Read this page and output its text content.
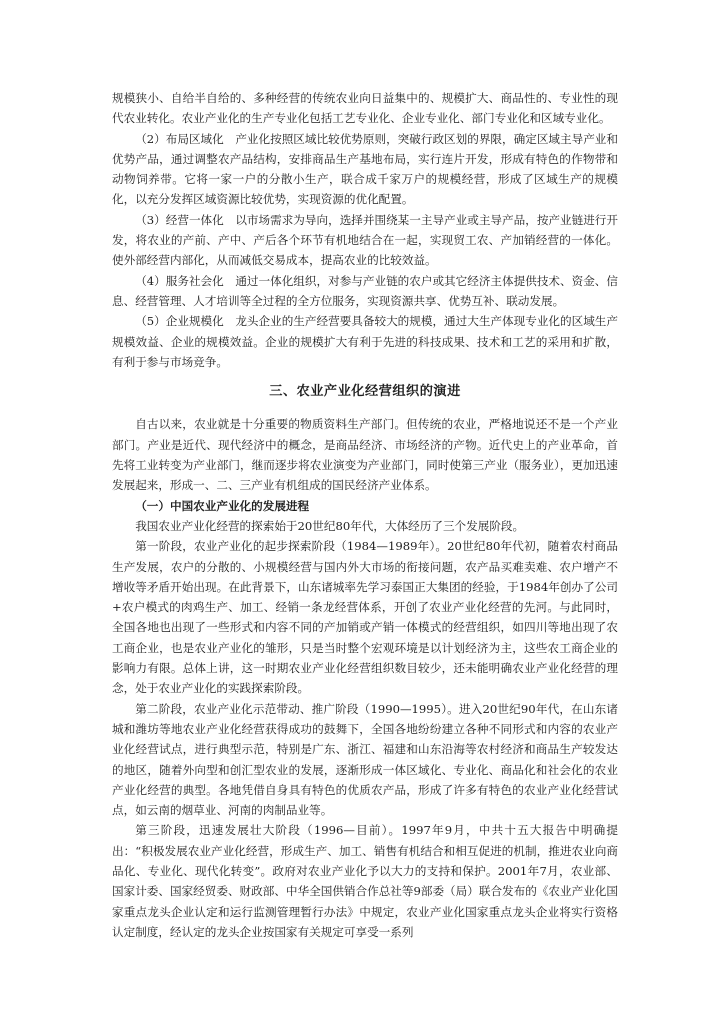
规模狭小、自给半自给的、多种经营的传统农业向日益集中的、规模扩大、商品性的、专业性的现代农业转化。农业产业化的生产专业化包括工艺专业化、企业专业化、部门专业化和区域专业化。

（2）布局区域化　产业化按照区域比较优势原则，突破行政区划的界限，确定区域主导产业和优势产品，通过调整农产品结构，安排商品生产基地布局，实行连片开发，形成有特色的作物带和动物饲养带。它将一家一户的分散小生产，联合成千家万户的规模经营，形成了区域生产的规模化，以充分发挥区域资源比较优势，实现资源的优化配置。

（3）经营一体化　以市场需求为导向，选择并围绕某一主导产业或主导产品，按产业链进行开发，将农业的产前、产中、产后各个环节有机地结合在一起，实现贸工农、产加销经营的一体化。使外部经营内部化，从而减低交易成本，提高农业的比较效益。

（4）服务社会化　通过一体化组织，对参与产业链的农户或其它经济主体提供技术、资金、信息、经营管理、人才培训等全过程的全方位服务，实现资源共享、优势互补、联动发展。

（5）企业规模化　龙头企业的生产经营要具备较大的规模，通过大生产体现专业化的区域生产规模效益、企业的规模效益。企业的规模扩大有利于先进的科技成果、技术和工艺的采用和扩散，有利于参与市场竞争。

三、农业产业化经营组织的演进

自古以来，农业就是十分重要的物质资料生产部门。但传统的农业，严格地说还不是一个产业部门。产业是近代、现代经济中的概念，是商品经济、市场经济的产物。近代史上的产业革命，首先将工业转变为产业部门，继而逐步将农业演变为产业部门，同时使第三产业（服务业），更加迅速发展起来，形成一、二、三产业有机组成的国民经济产业体系。

（一）中国农业产业化的发展进程

我国农业产业化经营的探索始于20世纪80年代，大体经历了三个发展阶段。

第一阶段，农业产业化的起步探索阶段（1984—1989年）。20世纪80年代初，随着农村商品生产发展，农户的分散的、小规模经营与国内外大市场的衔接问题，农产品买难卖难、农户增产不增收等矛盾开始出现。在此背景下，山东诸城率先学习泰国正大集团的经验，于1984年创办了公司+农户模式的肉鸡生产、加工、经销一条龙经营体系，开创了农业产业化经营的先河。与此同时，全国各地也出现了一些形式和内容不同的产加销或产销一体模式的经营组织，如四川等地出现了农工商企业，也是农业产业化的雏形，只是当时整个宏观环境是以计划经济为主，这些农工商企业的影响力有限。总体上讲，这一时期农业产业化经营组织数目较少，还未能明确农业产业化经营的理念，处于农业产业化的实践探索阶段。

第二阶段，农业产业化示范带动、推广阶段（1990—1995）。进入20世纪90年代，在山东诸城和潍坊等地农业产业化经营获得成功的鼓舞下，全国各地纷纷建立各种不同形式和内容的农业产业化经营试点，进行典型示范，特别是广东、浙江、福建和山东沿海等农村经济和商品生产较发达的地区，随着外向型和创汇型农业的发展，逐渐形成一体区域化、专业化、商品化和社会化的农业产业化经营的典型。各地凭借自身具有特色的优质农产品，形成了许多有特色的农业产业化经营试点，如云南的烟草业、河南的肉制品业等。

第三阶段，迅速发展壮大阶段（1996—目前）。1997年9月，中共十五大报告中明确提出：“积极发展农业产业化经营，形成生产、加工、销售有机结合和相互促进的机制，推进农业向商品化、专业化、现代化转变”。政府对农业产业化予以大力的支持和保护。2001年7月，农业部、国家计委、国家经贸委、财政部、中华全国供销合作总社等9部委（局）联合发布的《农业产业化国家重点龙头企业认定和运行监测管理暂行办法》中规定，农业产业化国家重点龙头企业将实行资格认定制度，经认定的龙头企业按国家有关规定可享受一系列
